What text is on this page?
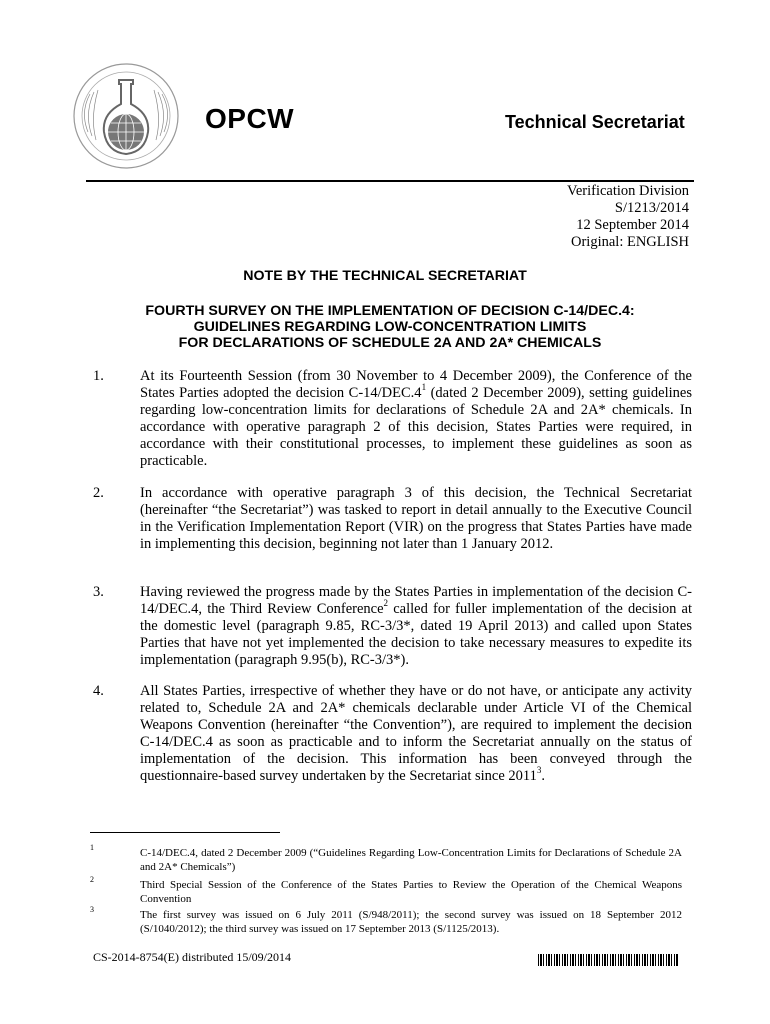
OPCW	Technical Secretariat
Verification Division
S/1213/2014
12 September 2014
Original: ENGLISH
NOTE BY THE TECHNICAL SECRETARIAT
FOURTH SURVEY ON THE IMPLEMENTATION OF DECISION C-14/DEC.4:
GUIDELINES REGARDING LOW-CONCENTRATION LIMITS
FOR DECLARATIONS OF SCHEDULE 2A AND 2A* CHEMICALS
1. At its Fourteenth Session (from 30 November to 4 December 2009), the Conference of the States Parties adopted the decision $C-14/DEC.4^1$ (dated 2 December 2009), setting guidelines regarding low-concentration limits for declarations of Schedule 2A and 2A* chemicals. In accordance with operative paragraph 2 of this decision, States Parties were required, in accordance with their constitutional processes, to implement these guidelines as soon as practicable.
2. In accordance with operative paragraph 3 of this decision, the Technical Secretariat (hereinafter “the Secretariat”) was tasked to report in detail annually to the Executive Council in the Verification Implementation Report (VIR) on the progress that States Parties have made in implementing this decision, beginning not later than 1 January 2012.
3. Having reviewed the progress made by the States Parties in implementation of the decision C-14/DEC.4, the Third Review Conference$^2$ called for fuller implementation of the decision at the domestic level (paragraph 9.85, RC-3/3*, dated 19 April 2013) and called upon States Parties that have not yet implemented the decision to take necessary measures to expedite its implementation (paragraph 9.95(b), RC-3/3*).
4. All States Parties, irrespective of whether they have or do not have, or anticipate any activity related to, Schedule 2A and 2A* chemicals declarable under Article VI of the Chemical Weapons Convention (hereinafter “the Convention”), are required to implement the decision C-14/DEC.4 as soon as practicable and to inform the Secretariat annually on the status of implementation of the decision. This information has been conveyed through the questionnaire-based survey undertaken by the Secretariat since 2011$^3$.
1	C-14/DEC.4, dated 2 December 2009 (“Guidelines Regarding Low-Concentration Limits for Declarations of Schedule 2A and 2A* Chemicals”)
2	Third Special Session of the Conference of the States Parties to Review the Operation of the Chemical Weapons Convention
3	The first survey was issued on 6 July 2011 (S/948/2011); the second survey was issued on 18 September 2012 (S/1040/2012); the third survey was issued on 17 September 2013 (S/1125/2013).
CS-2014-8754(E) distributed 15/09/2014
